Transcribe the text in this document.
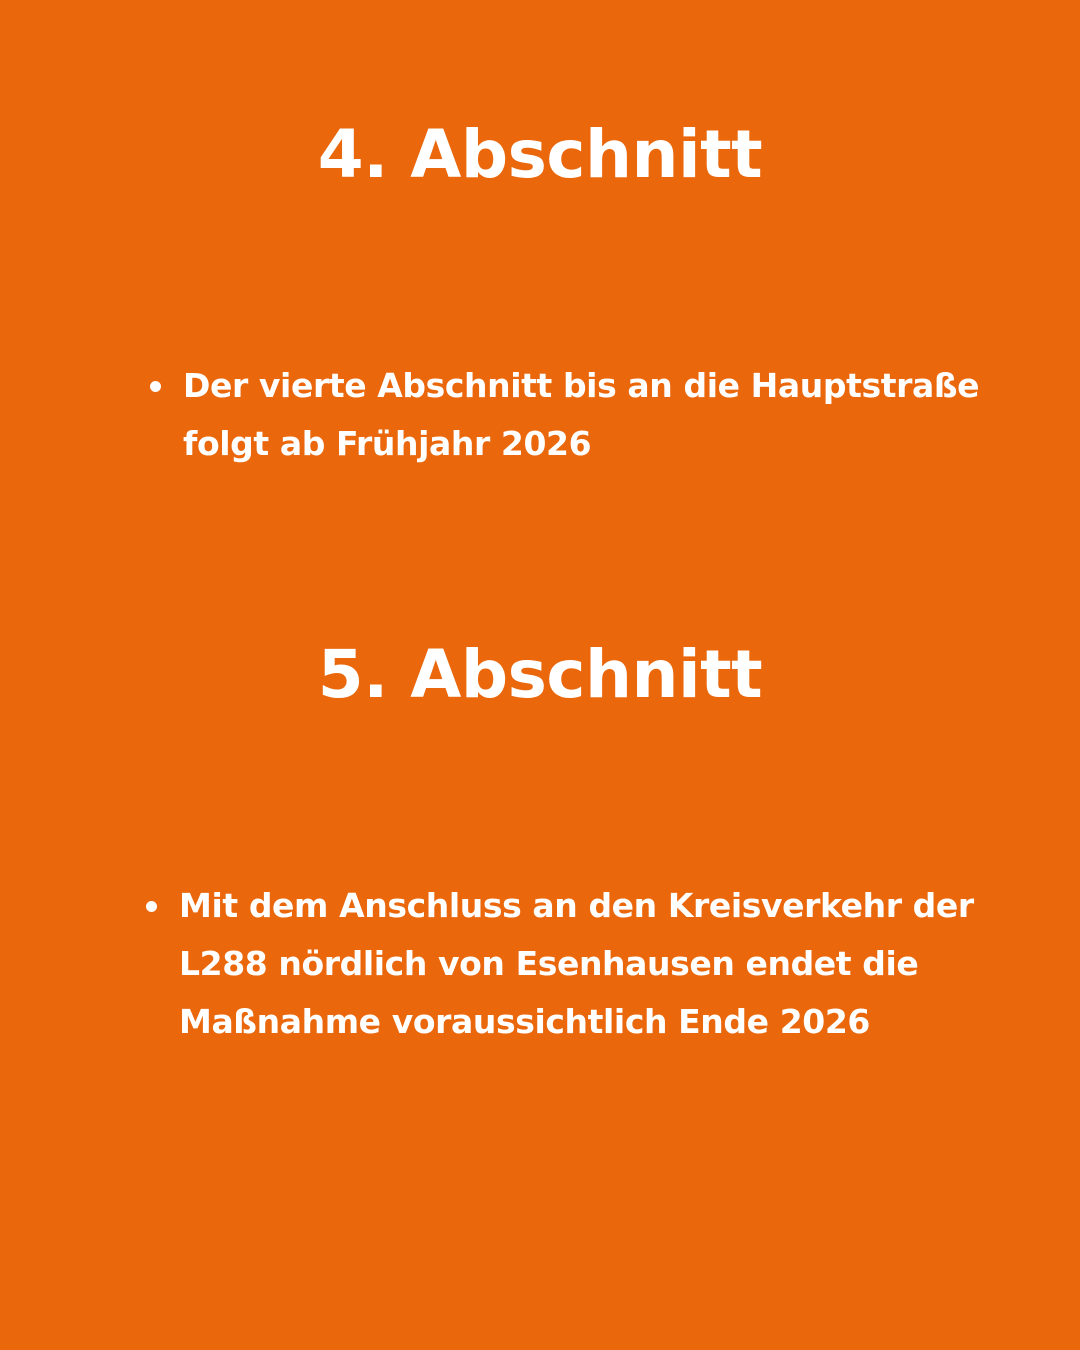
4. Abschnitt
Der vierte Abschnitt bis an die Hauptstraße
folgt ab Frühjahr 2026
5. Abschnitt
Mit dem Anschluss an den Kreisverkehr der
L288 nördlich von Esenhausen endet die
Maßnahme voraussichtlich Ende 2026
